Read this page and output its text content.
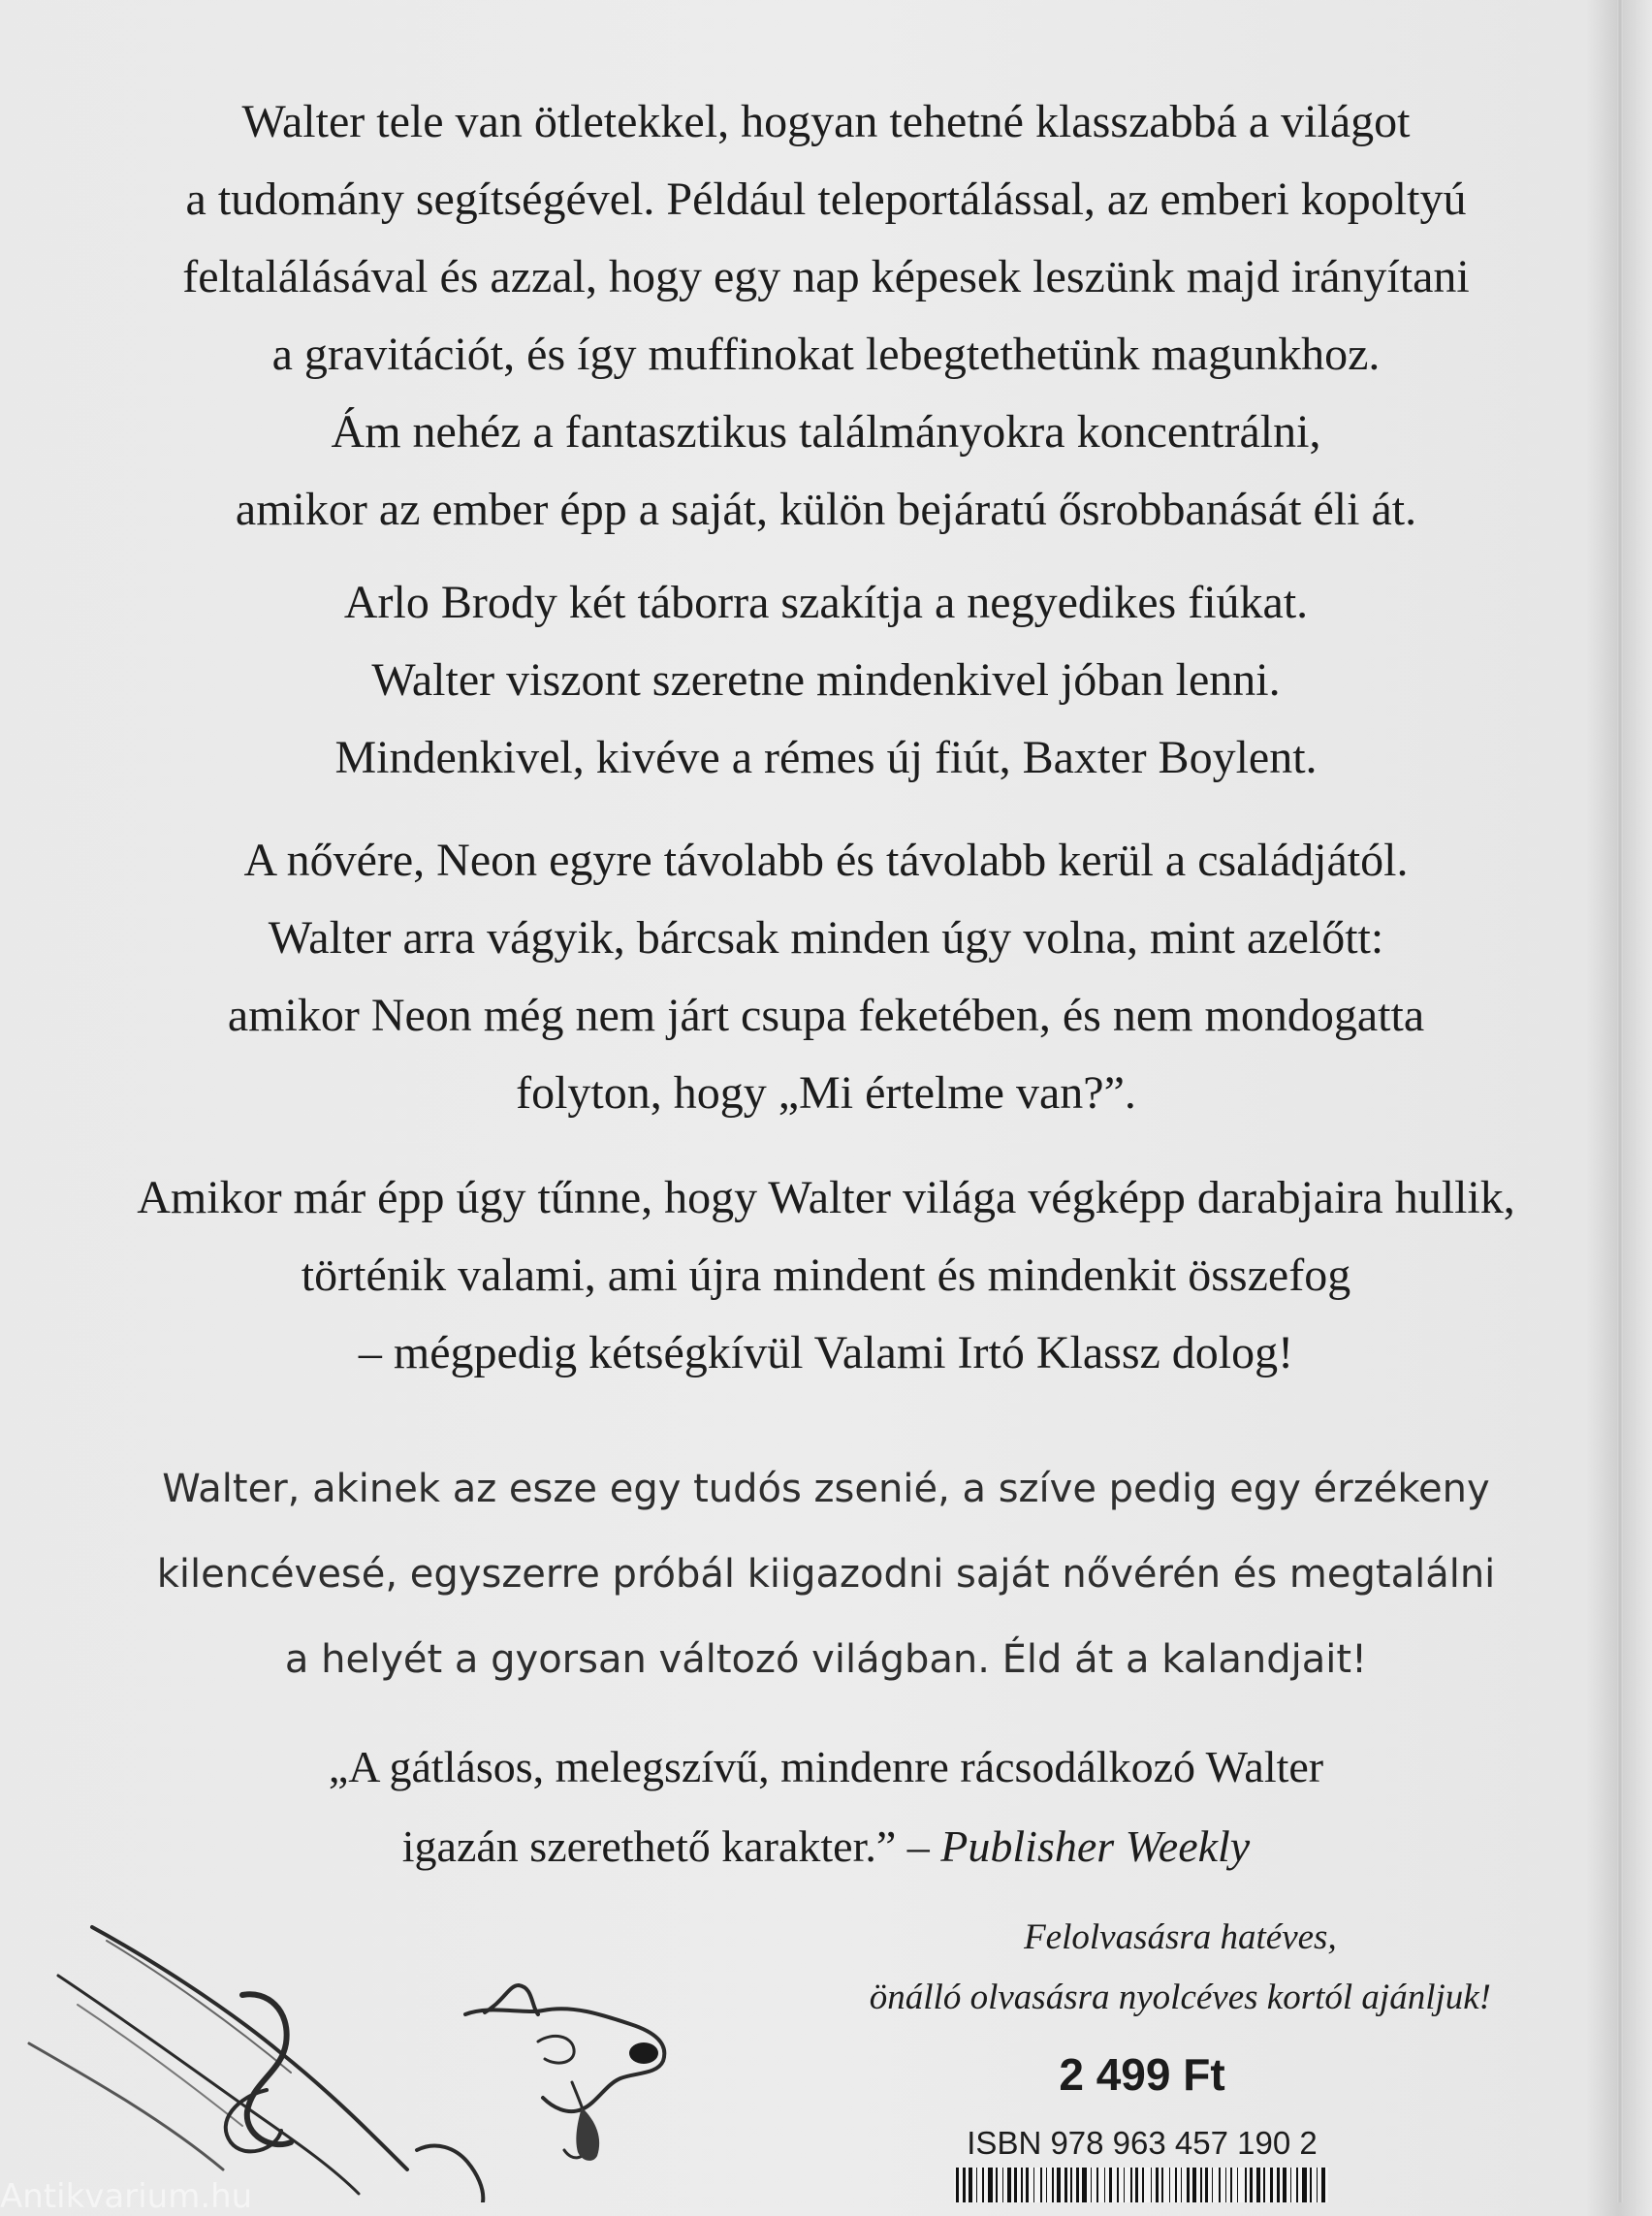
Walter tele van ötletekkel, hogyan tehetné klasszabbá a világot
a tudomány segítségével. Például teleportálással, az emberi kopoltyú
feltalálásával és azzal, hogy egy nap képesek leszünk majd irányítani
a gravitációt, és így muffinokat lebegtethetünk magunkhoz.
Ám nehéz a fantasztikus találmányokra koncentrálni,
amikor az ember épp a saját, külön bejáratú ősrobbanását éli át.
Arlo Brody két táborra szakítja a negyedikes fiúkat.
Walter viszont szeretne mindenkivel jóban lenni.
Mindenkivel, kivéve a rémes új fiút, Baxter Boylent.
A nővére, Neon egyre távolabb és távolabb kerül a családjától.
Walter arra vágyik, bárcsak minden úgy volna, mint azelőtt:
amikor Neon még nem járt csupa feketében, és nem mondogatta
folyton, hogy „Mi értelme van?”.
Amikor már épp úgy tűnne, hogy Walter világa végképp darabjaira hullik,
történik valami, ami újra mindent és mindenkit összefog
– mégpedig kétségkívül Valami Irtó Klassz dolog!
Walter, akinek az esze egy tudós zsenié, a szíve pedig egy érzékeny
kilencévesé, egyszerre próbál kiigazodni saját nővérén és megtalálni
a helyét a gyorsan változó világban. Éld át a kalandjait!
„A gátlásos, melegszívű, mindenre rácsodálkozó Walter
igazán szerethető karakter.” – Publisher Weekly
Felolvasásra hatéves,
önálló olvasásra nyolcéves kortól ajánljuk!
2 499 Ft
ISBN 978 963 457 190 2
Antikvarium.hu
